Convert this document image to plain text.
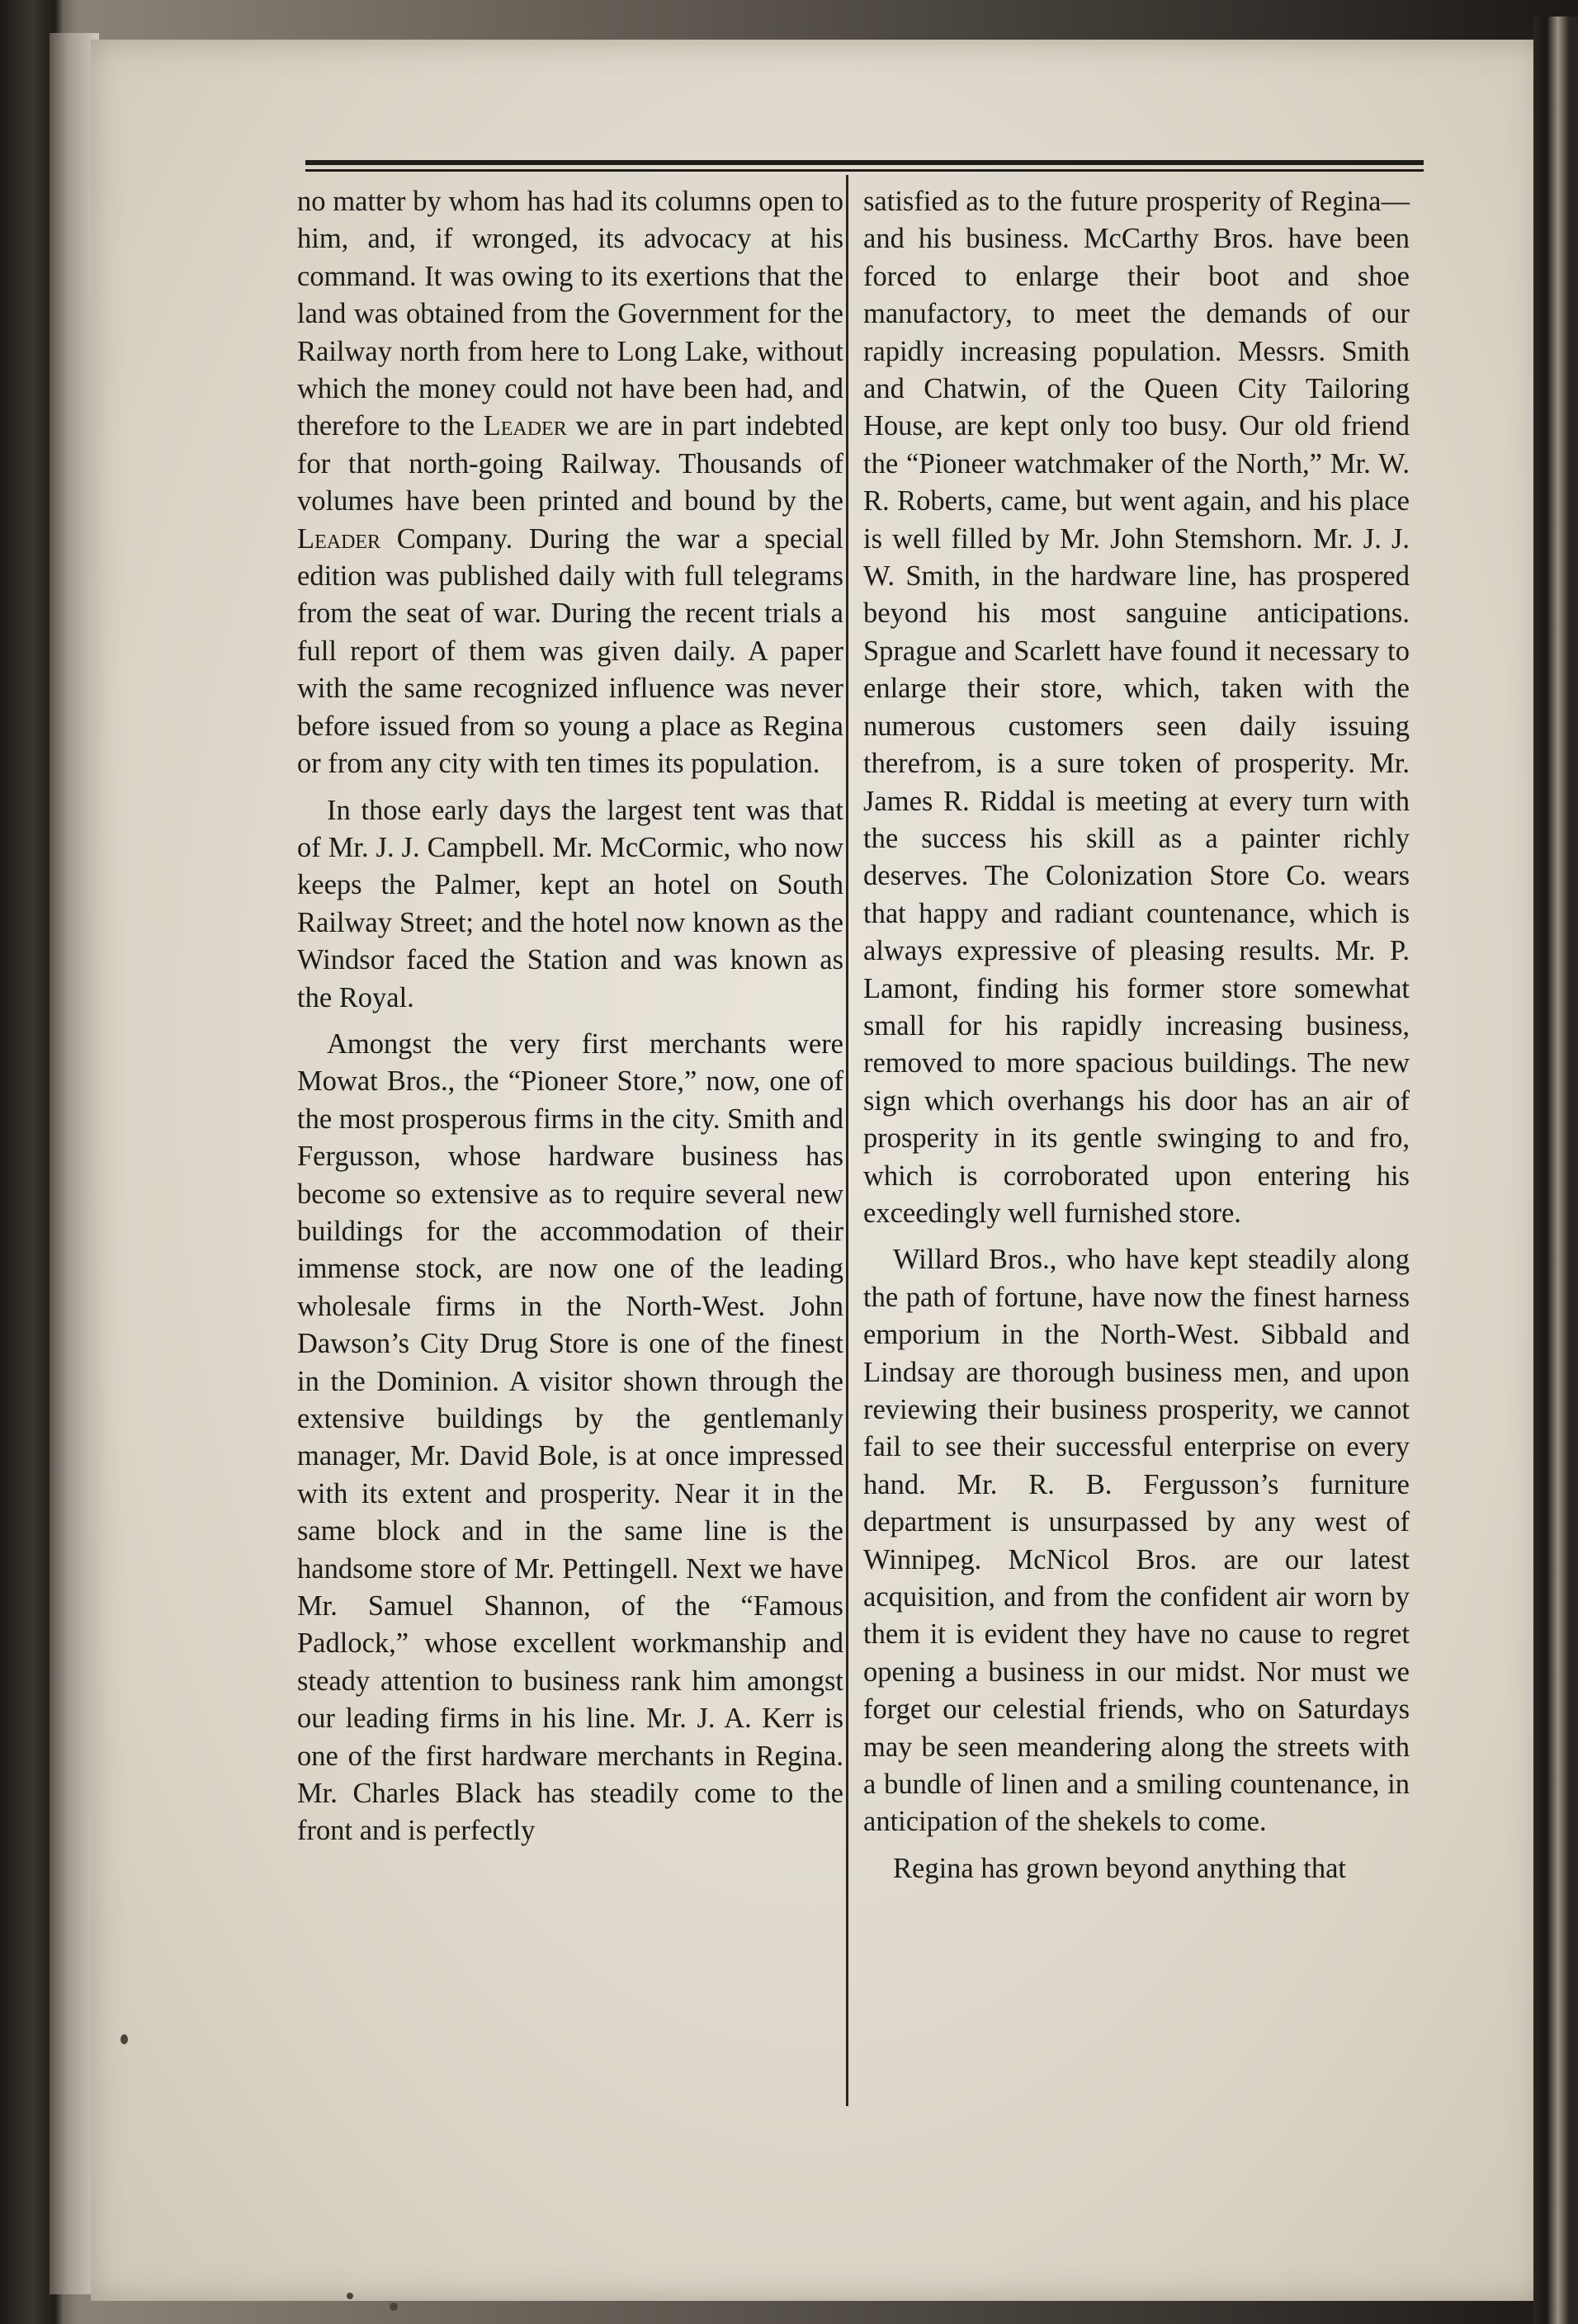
no matter by whom has had its columns open to him, and, if wronged, its advocacy at his command. It was owing to its exertions that the land was obtained from the Government for the Railway north from here to Long Lake, without which the money could not have been had, and therefore to the Leader we are in part indebted for that north-going Railway. Thousands of volumes have been printed and bound by the Leader Company. During the war a special edition was published daily with full telegrams from the seat of war. During the recent trials a full report of them was given daily. A paper with the same recognized influence was never before issued from so young a place as Regina or from any city with ten times its population.

In those early days the largest tent was that of Mr. J. J. Campbell. Mr. McCormic, who now keeps the Palmer, kept an hotel on South Railway Street; and the hotel now known as the Windsor faced the Station and was known as the Royal.

Amongst the very first merchants were Mowat Bros., the “Pioneer Store,” now, one of the most prosperous firms in the city. Smith and Fergusson, whose hardware business has become so extensive as to require several new buildings for the accommodation of their immense stock, are now one of the leading wholesale firms in the North-West. John Dawson’s City Drug Store is one of the finest in the Dominion. A visitor shown through the extensive buildings by the gentlemanly manager, Mr. David Bole, is at once impressed with its extent and prosperity. Near it in the same block and in the same line is the handsome store of Mr. Pettingell. Next we have Mr. Samuel Shannon, of the “Famous Padlock,” whose excellent workmanship and steady attention to business rank him amongst our leading firms in his line. Mr. J. A. Kerr is one of the first hardware merchants in Regina. Mr. Charles Black has steadily come to the front and is perfectly

satisfied as to the future prosperity of Regina—and his business. McCarthy Bros. have been forced to enlarge their boot and shoe manufactory, to meet the demands of our rapidly increasing population. Messrs. Smith and Chatwin, of the Queen City Tailoring House, are kept only too busy. Our old friend the “Pioneer watchmaker of the North,” Mr. W. R. Roberts, came, but went again, and his place is well filled by Mr. John Stemshorn. Mr. J. J. W. Smith, in the hardware line, has prospered beyond his most sanguine anticipations. Sprague and Scarlett have found it necessary to enlarge their store, which, taken with the numerous customers seen daily issuing therefrom, is a sure token of prosperity. Mr. James R. Riddal is meeting at every turn with the success his skill as a painter richly deserves. The Colonization Store Co. wears that happy and radiant countenance, which is always expressive of pleasing results. Mr. P. Lamont, finding his former store somewhat small for his rapidly increasing business, removed to more spacious buildings. The new sign which overhangs his door has an air of prosperity in its gentle swinging to and fro, which is corroborated upon entering his exceedingly well furnished store.

Willard Bros., who have kept steadily along the path of fortune, have now the finest harness emporium in the North-West. Sibbald and Lindsay are thorough business men, and upon reviewing their business prosperity, we cannot fail to see their successful enterprise on every hand. Mr. R. B. Fergusson’s furniture department is unsurpassed by any west of Winnipeg. McNicol Bros. are our latest acquisition, and from the confident air worn by them it is evident they have no cause to regret opening a business in our midst. Nor must we forget our celestial friends, who on Saturdays may be seen meandering along the streets with a bundle of linen and a smiling countenance, in anticipation of the shekels to come.

Regina has grown beyond anything that
